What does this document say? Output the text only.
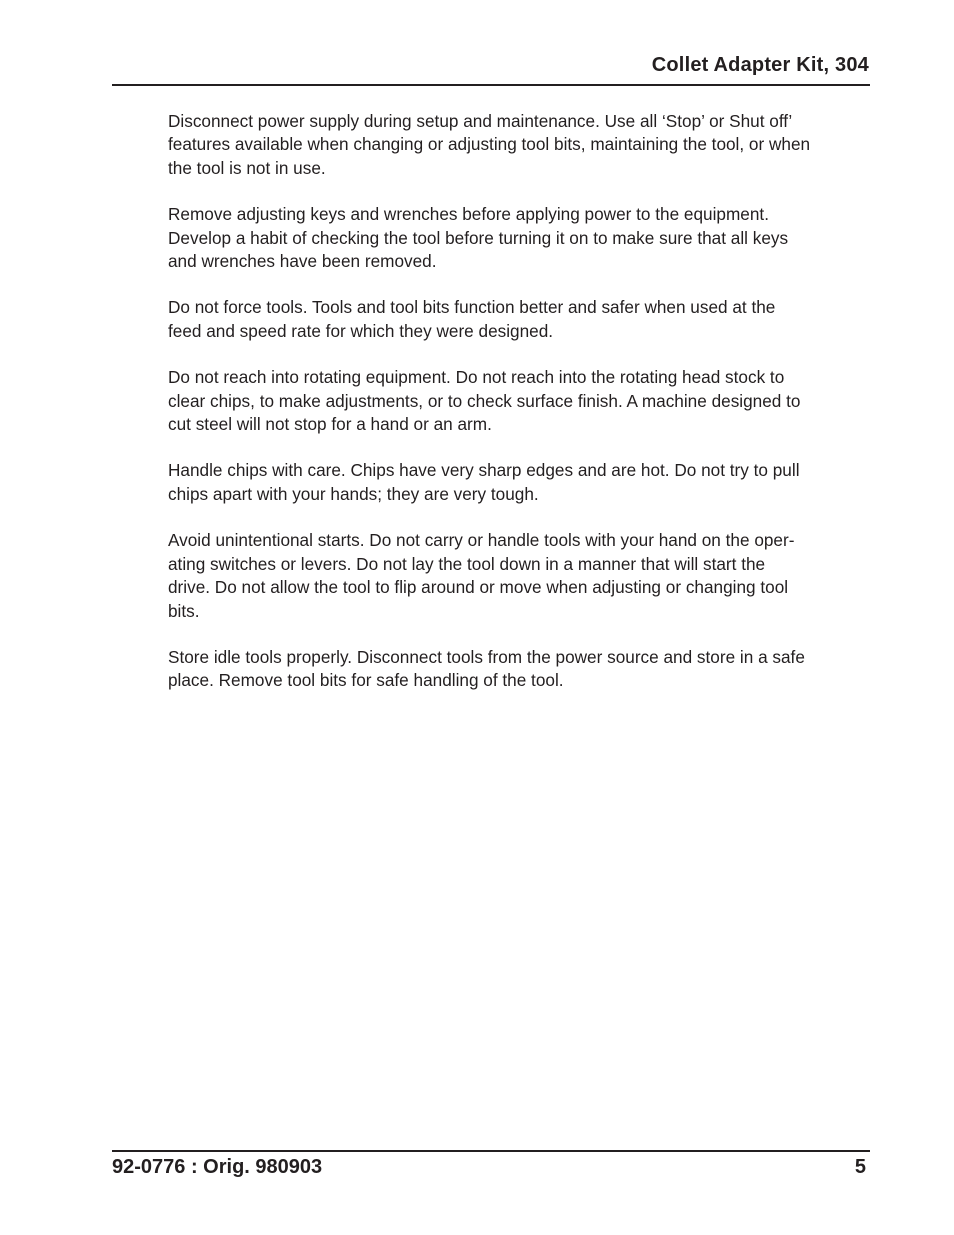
Collet Adapter Kit, 304

Disconnect power supply during setup and maintenance. Use all ‘Stop’ or Shut off’
features available when changing or adjusting tool bits, maintaining the tool, or when
the tool is not in use.

Remove adjusting keys and wrenches before applying power to the equipment.
Develop a habit of checking the tool before turning it on to make sure that all keys
and wrenches have been removed.

Do not force tools. Tools and tool bits function better and safer when used at the
feed and speed rate for which they were designed.

Do not reach into rotating equipment. Do not reach into the rotating head stock to
clear chips, to make adjustments, or to check surface finish. A machine designed to
cut steel will not stop for a hand or an arm.

Handle chips with care. Chips have very sharp edges and are hot. Do not try to pull
chips apart with your hands; they are very tough.

Avoid unintentional starts. Do not carry or handle tools with your hand on the oper-
ating switches or levers. Do not lay the tool down in a manner that will start the
drive. Do not allow the tool to flip around or move when adjusting or changing tool
bits.

Store idle tools properly. Disconnect tools from the power source and store in a safe
place. Remove tool bits for safe handling of the tool.

92-0776 : Orig. 980903	5
